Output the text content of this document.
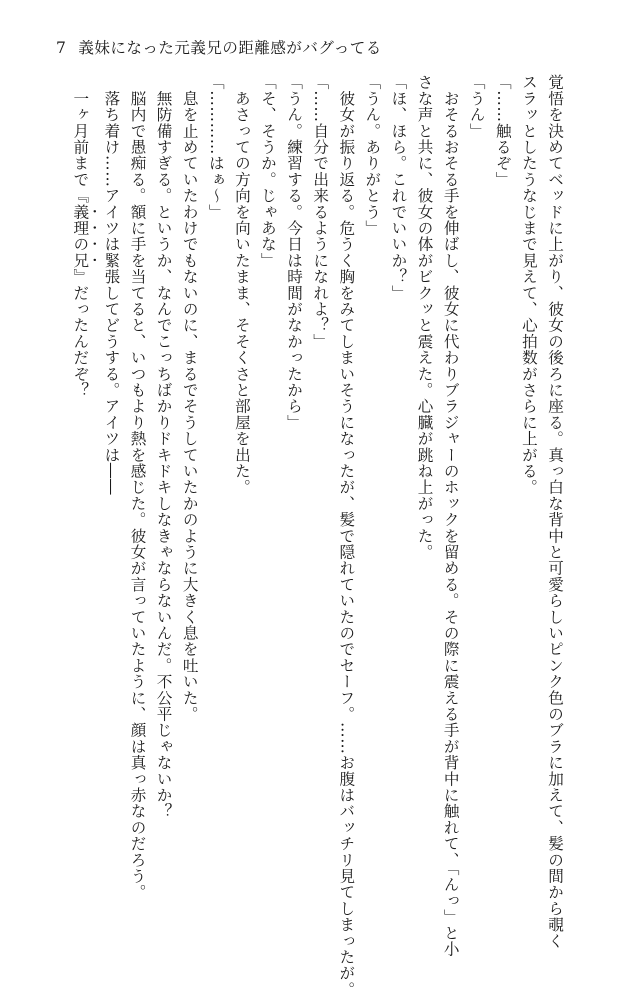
7 義妹になった元義兄の距離感がバグってる
覚悟を決めてベッドに上がり、彼女の後ろに座る。真っ白な背中と可愛らしいピンク色のブラに加えて、髪の間から覗く
スラッとしたうなじまで見えて、心拍数がさらに上がる。
「……触るぞ」
「うん」
　おそるおそる手を伸ばし、彼女に代わりブラジャーのホックを留める。その際に震える手が背中に触れて、「んっ」と小
さな声と共に、彼女の体がビクッと震えた。心臓が跳ね上がった。
「ほ、ほら。これでいいか？」
「うん。ありがとう」
　彼女が振り返る。危うく胸をみてしまいそうになったが、髪で隠れていたのでセーフ。……お腹はバッチリ見てしまったが。
「……自分で出来るようになれよ？」
「うん。練習する。今日は時間がなかったから」
「そ、そうか。じゃあな」
　あさっての方向を向いたまま、そそくさと部屋を出た。
「…………はぁ～」
　息を止めていたわけでもないのに、まるでそうしていたかのように大きく息を吐いた。
　無防備すぎる。というか、なんでこっちばかりドキドキしなきゃならないんだ。不公平じゃないか？
　脳内で愚痴る。額に手を当てると、いつもより熱を感じた。彼女が言っていたように、顔は真っ赤なのだろう。
　落ち着け……アイツは緊張してどうする。アイツは――
　一ヶ月前まで『義理の兄』だったんだぞ？
